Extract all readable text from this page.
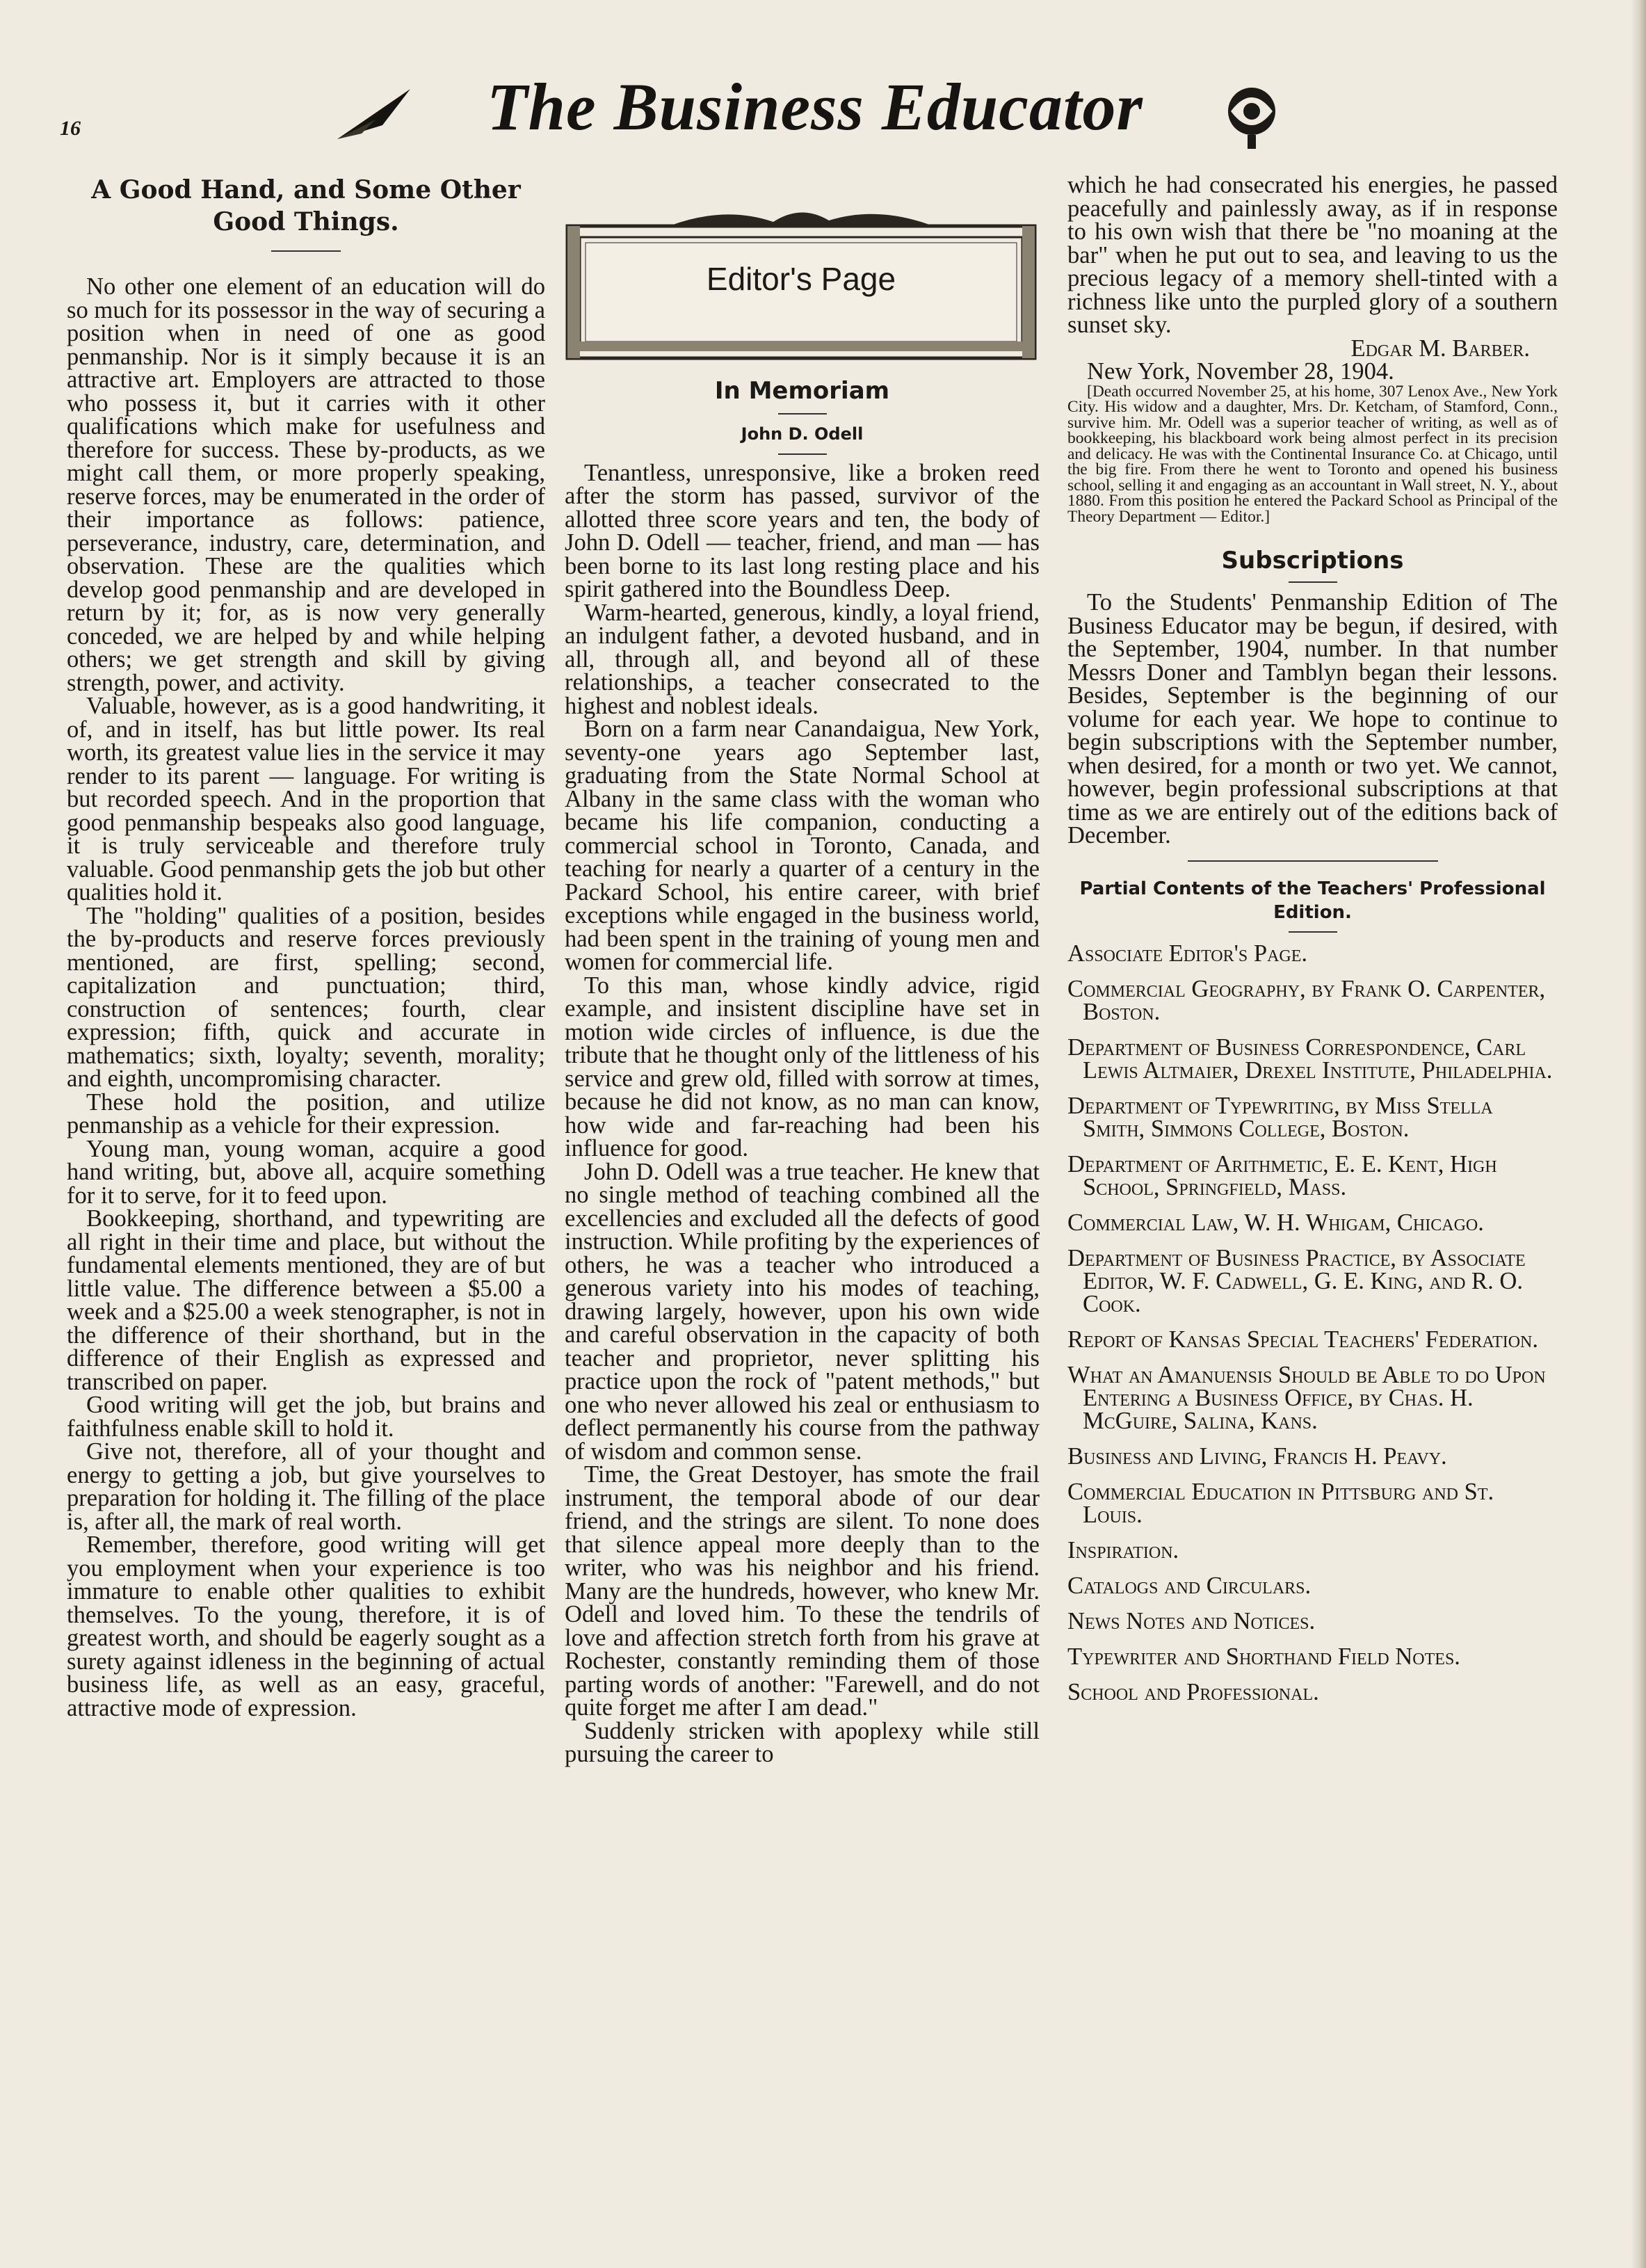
16	The Business Educator
A Good Hand, and Some Other Good Things.

No other one element of an education will do so much for its possessor in the way of securing a position when in need of one as good penmanship. Nor is it simply because it is an attractive art. Employers are attracted to those who possess it, but it carries with it other qualifications which make for usefulness and therefore for success. These by-products, as we might call them, or more properly speaking, reserve forces, may be enumerated in the order of their importance as follows: patience, perseverance, industry, care, determination, and observation. These are the qualities which develop good penmanship and are developed in return by it; for, as is now very generally conceded, we are helped by and while helping others; we get strength and skill by giving strength, power, and activity.

Valuable, however, as is a good handwriting, it of, and in itself, has but little power. Its real worth, its greatest value lies in the service it may render to its parent — language. For writing is but recorded speech. And in the proportion that good penmanship bespeaks also good language, it is truly serviceable and therefore truly valuable. Good penmanship gets the job but other qualities hold it.

The "holding" qualities of a position, besides the by-products and reserve forces previously mentioned, are first, spelling; second, capitalization and punctuation; third, construction of sentences; fourth, clear expression; fifth, quick and accurate in mathematics; sixth, loyalty; seventh, morality; and eighth, uncompromising character.

These hold the position, and utilize penmanship as a vehicle for their expression.

Young man, young woman, acquire a good hand writing, but, above all, acquire something for it to serve, for it to feed upon.

Bookkeeping, shorthand, and typewriting are all right in their time and place, but without the fundamental elements mentioned, they are of but little value. The difference between a $5.00 a week and a $25.00 a week stenographer, is not in the difference of their shorthand, but in the difference of their English as expressed and transcribed on paper.

Good writing will get the job, but brains and faithfulness enable skill to hold it.

Give not, therefore, all of your thought and energy to getting a job, but give yourselves to preparation for holding it. The filling of the place is, after all, the mark of real worth.

Remember, therefore, good writing will get you employment when your experience is too immature to enable other qualities to exhibit themselves. To the young, therefore, it is of greatest worth, and should be eagerly sought as a surety against idleness in the beginning of actual business life, as well as an easy, graceful, attractive mode of expression.

Editor's Page
In Memoriam
John D. Odell

Tenantless, unresponsive, like a broken reed after the storm has passed, survivor of the allotted three score years and ten, the body of John D. Odell — teacher, friend, and man — has been borne to its last long resting place and his spirit gathered into the Boundless Deep.

Warm-hearted, generous, kindly, a loyal friend, an indulgent father, a devoted husband, and in all, through all, and beyond all of these relationships, a teacher consecrated to the highest and noblest ideals.

Born on a farm near Canandaigua, New York, seventy-one years ago September last, graduating from the State Normal School at Albany in the same class with the woman who became his life companion, conducting a commercial school in Toronto, Canada, and teaching for nearly a quarter of a century in the Packard School, his entire career, with brief exceptions while engaged in the business world, had been spent in the training of young men and women for commercial life.

To this man, whose kindly advice, rigid example, and insistent discipline have set in motion wide circles of influence, is due the tribute that he thought only of the littleness of his service and grew old, filled with sorrow at times, because he did not know, as no man can know, how wide and far-reaching had been his influence for good.

John D. Odell was a true teacher. He knew that no single method of teaching combined all the excellencies and excluded all the defects of good instruction. While profiting by the experiences of others, he was a teacher who introduced a generous variety into his modes of teaching, drawing largely, however, upon his own wide and careful observation in the capacity of both teacher and proprietor, never splitting his practice upon the rock of "patent methods," but one who never allowed his zeal or enthusiasm to deflect permanently his course from the pathway of wisdom and common sense.

Time, the Great Destoyer, has smote the frail instrument, the temporal abode of our dear friend, and the strings are silent. To none does that silence appeal more deeply than to the writer, who was his neighbor and his friend. Many are the hundreds, however, who knew Mr. Odell and loved him. To these the tendrils of love and affection stretch forth from his grave at Rochester, constantly reminding them of those parting words of another: "Farewell, and do not quite forget me after I am dead."

Suddenly stricken with apoplexy while still pursuing the career to

which he had consecrated his energies, he passed peacefully and painlessly away, as if in response to his own wish that there be "no moaning at the bar" when he put out to sea, and leaving to us the precious legacy of a memory shell-tinted with a richness like unto the purpled glory of a southern sunset sky.

Edgar M. Barber.

New York, November 28, 1904.

[Death occurred November 25, at his home, 307 Lenox Ave., New York City. His widow and a daughter, Mrs. Dr. Ketcham, of Stamford, Conn., survive him. Mr. Odell was a superior teacher of writing, as well as of bookkeeping, his blackboard work being almost perfect in its precision and delicacy. He was with the Continental Insurance Co. at Chicago, until the big fire. From there he went to Toronto and opened his business school, selling it and engaging as an accountant in Wall street, N. Y., about 1880. From this position he entered the Packard School as Principal of the Theory Department — Editor.]

Subscriptions

To the Students' Penmanship Edition of The Business Educator may be begun, if desired, with the September, 1904, number. In that number Messrs Doner and Tamblyn began their lessons. Besides, September is the beginning of our volume for each year. We hope to continue to begin subscriptions with the September number, when desired, for a month or two yet. We cannot, however, begin professional subscriptions at that time as we are entirely out of the editions back of December.

Partial Contents of the Teachers' Professional Edition.

Associate Editor's Page.

Commercial Geography, by Frank O. Carpenter, Boston.

Department of Business Correspondence, Carl Lewis Altmaier, Drexel Institute, Philadelphia.

Department of Typewriting, by Miss Stella Smith, Simmons College, Boston.

Department of Arithmetic, E. E. Kent, High School, Springfield, Mass.

Commercial Law, W. H. Whigam, Chicago.

Department of Business Practice, by Associate Editor, W. F. Cadwell, G. E. King, and R. O. Cook.

Report of Kansas Special Teachers' Federation.

What an Amanuensis Should be Able to do Upon Entering a Business Office, by Chas. H. McGuire, Salina, Kans.

Business and Living, Francis H. Peavy.

Commercial Education in Pittsburg and St. Louis.

Inspiration.

Catalogs and Circulars.

News Notes and Notices.

Typewriter and Shorthand Field Notes.

School and Professional.
